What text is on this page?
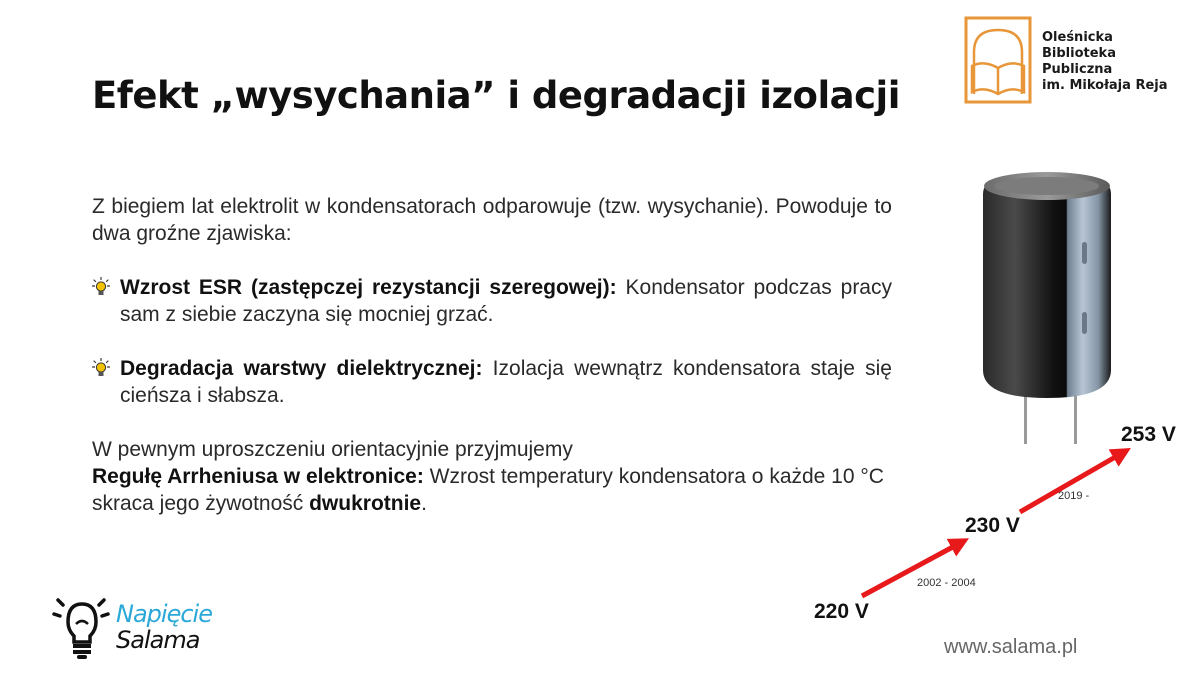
Efekt „wysychania” i degradacji izolacji
Oleśnicka
Biblioteka
Publiczna
im. Mikołaja Reja

Z biegiem lat elektrolit w kondensatorach odparowuje (tzw. wysychanie). Powoduje to dwa groźne zjawiska:

Wzrost ESR (zastępczej rezystancji szeregowej): Kondensator podczas pracy sam z siebie zaczyna się mocniej grzać.

Degradacja warstwy dielektrycznej: Izolacja wewnątrz kondensatora staje się cieńsza i słabsza.

W pewnym uproszczeniu orientacyjnie przyjmujemy
Regułę Arrheniusa w elektronice: Wzrost temperatury kondensatora o każde 10 °C skraca jego żywotność dwukrotnie.

220 V
230 V
253 V
2002 - 2004
2019 -
Napięcie
Salama	www.salama.pl
